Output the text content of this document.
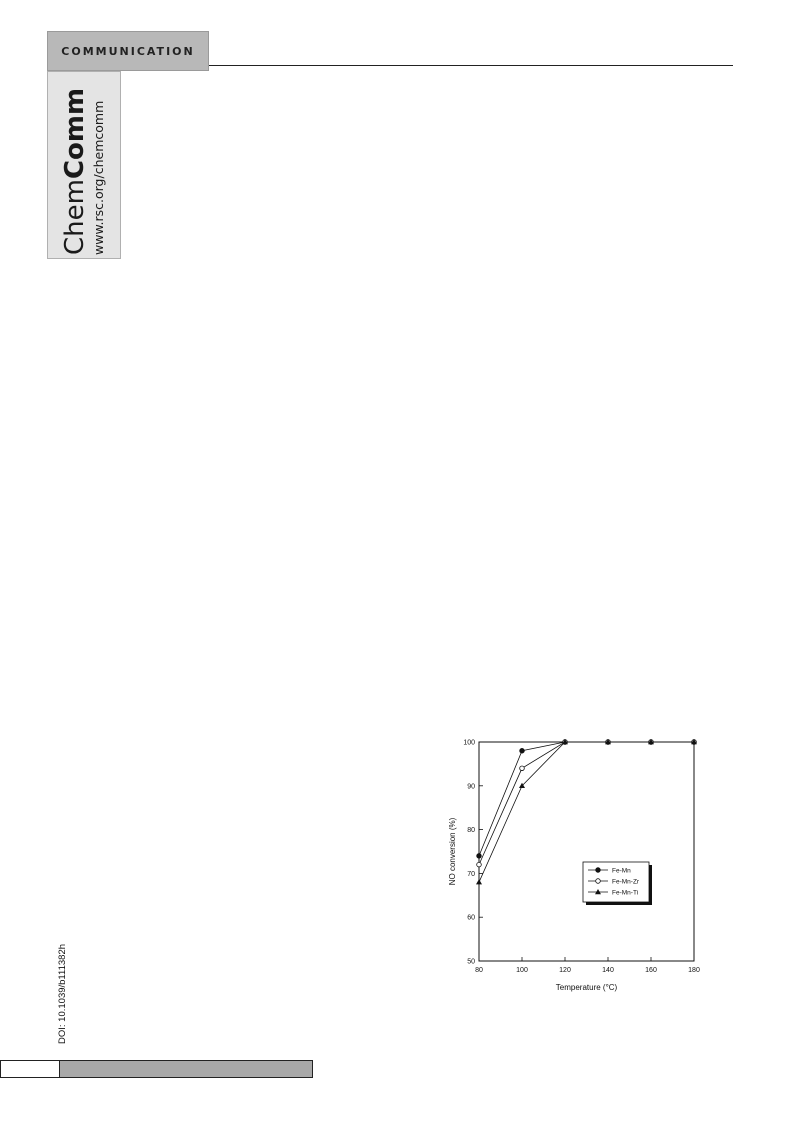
COMMUNICATION
ChemComm www.rsc.org/chemcomm
DOI: 10.1039/b111382h	80	100	120	140	160	180
50
60
70
80
90
100
Temperature (°C)
NO conversion (%)	Fe-Mn
Fe-Mn-Zr
Fe-Mn-Ti
